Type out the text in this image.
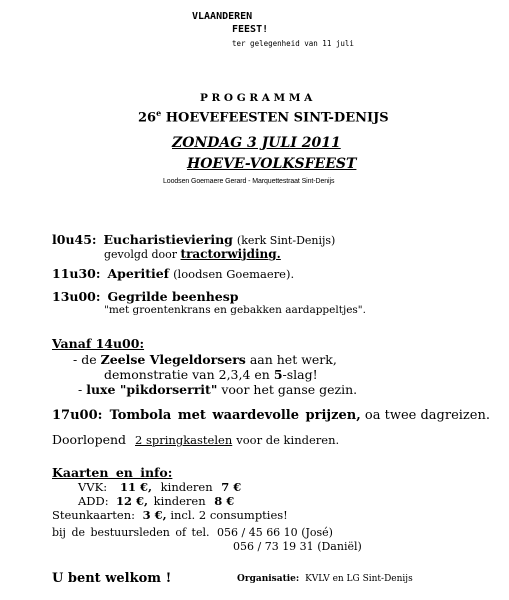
VLAANDEREN
FEEST!
ter gelegenheid van 11 juli
P R O G R A M M A
26e HOEVEFEESTEN SINT-DENIJS
ZONDAG 3 JULI 2011
HOEVE-VOLKSFEEST
Loodsen Goemaere Gerard - Marquettestraat Sint-Denijs
l0u45: Eucharistieviering (kerk Sint-Denijs)
gevolgd door tractorwijding.
11u30: Aperitief (loodsen Goemaere).
13u00: Gegrilde beenhesp
"met groentenkrans en gebakken aardappeltjes".
Vanaf 14u00:
- de Zeelse Vlegeldorsers aan het werk,
demonstratie van 2,3,4 en 5-slag!
- luxe "pikdorserrit" voor het ganse gezin.
17u00: Tombola met waardevolle prijzen, oa twee dagreizen.
Doorlopend 2 springkastelen voor de kinderen.
Kaarten en info:
VVK: 11 €, kinderen 7 €
ADD: 12 €, kinderen 8 €
Steunkaarten: 3 €, incl. 2 consumpties!
bij de bestuursleden of tel. 056 / 45 66 10 (José)
056 / 73 19 31 (Daniël)
U bent welkom !	Organisatie: KVLV en LG Sint-Denijs
